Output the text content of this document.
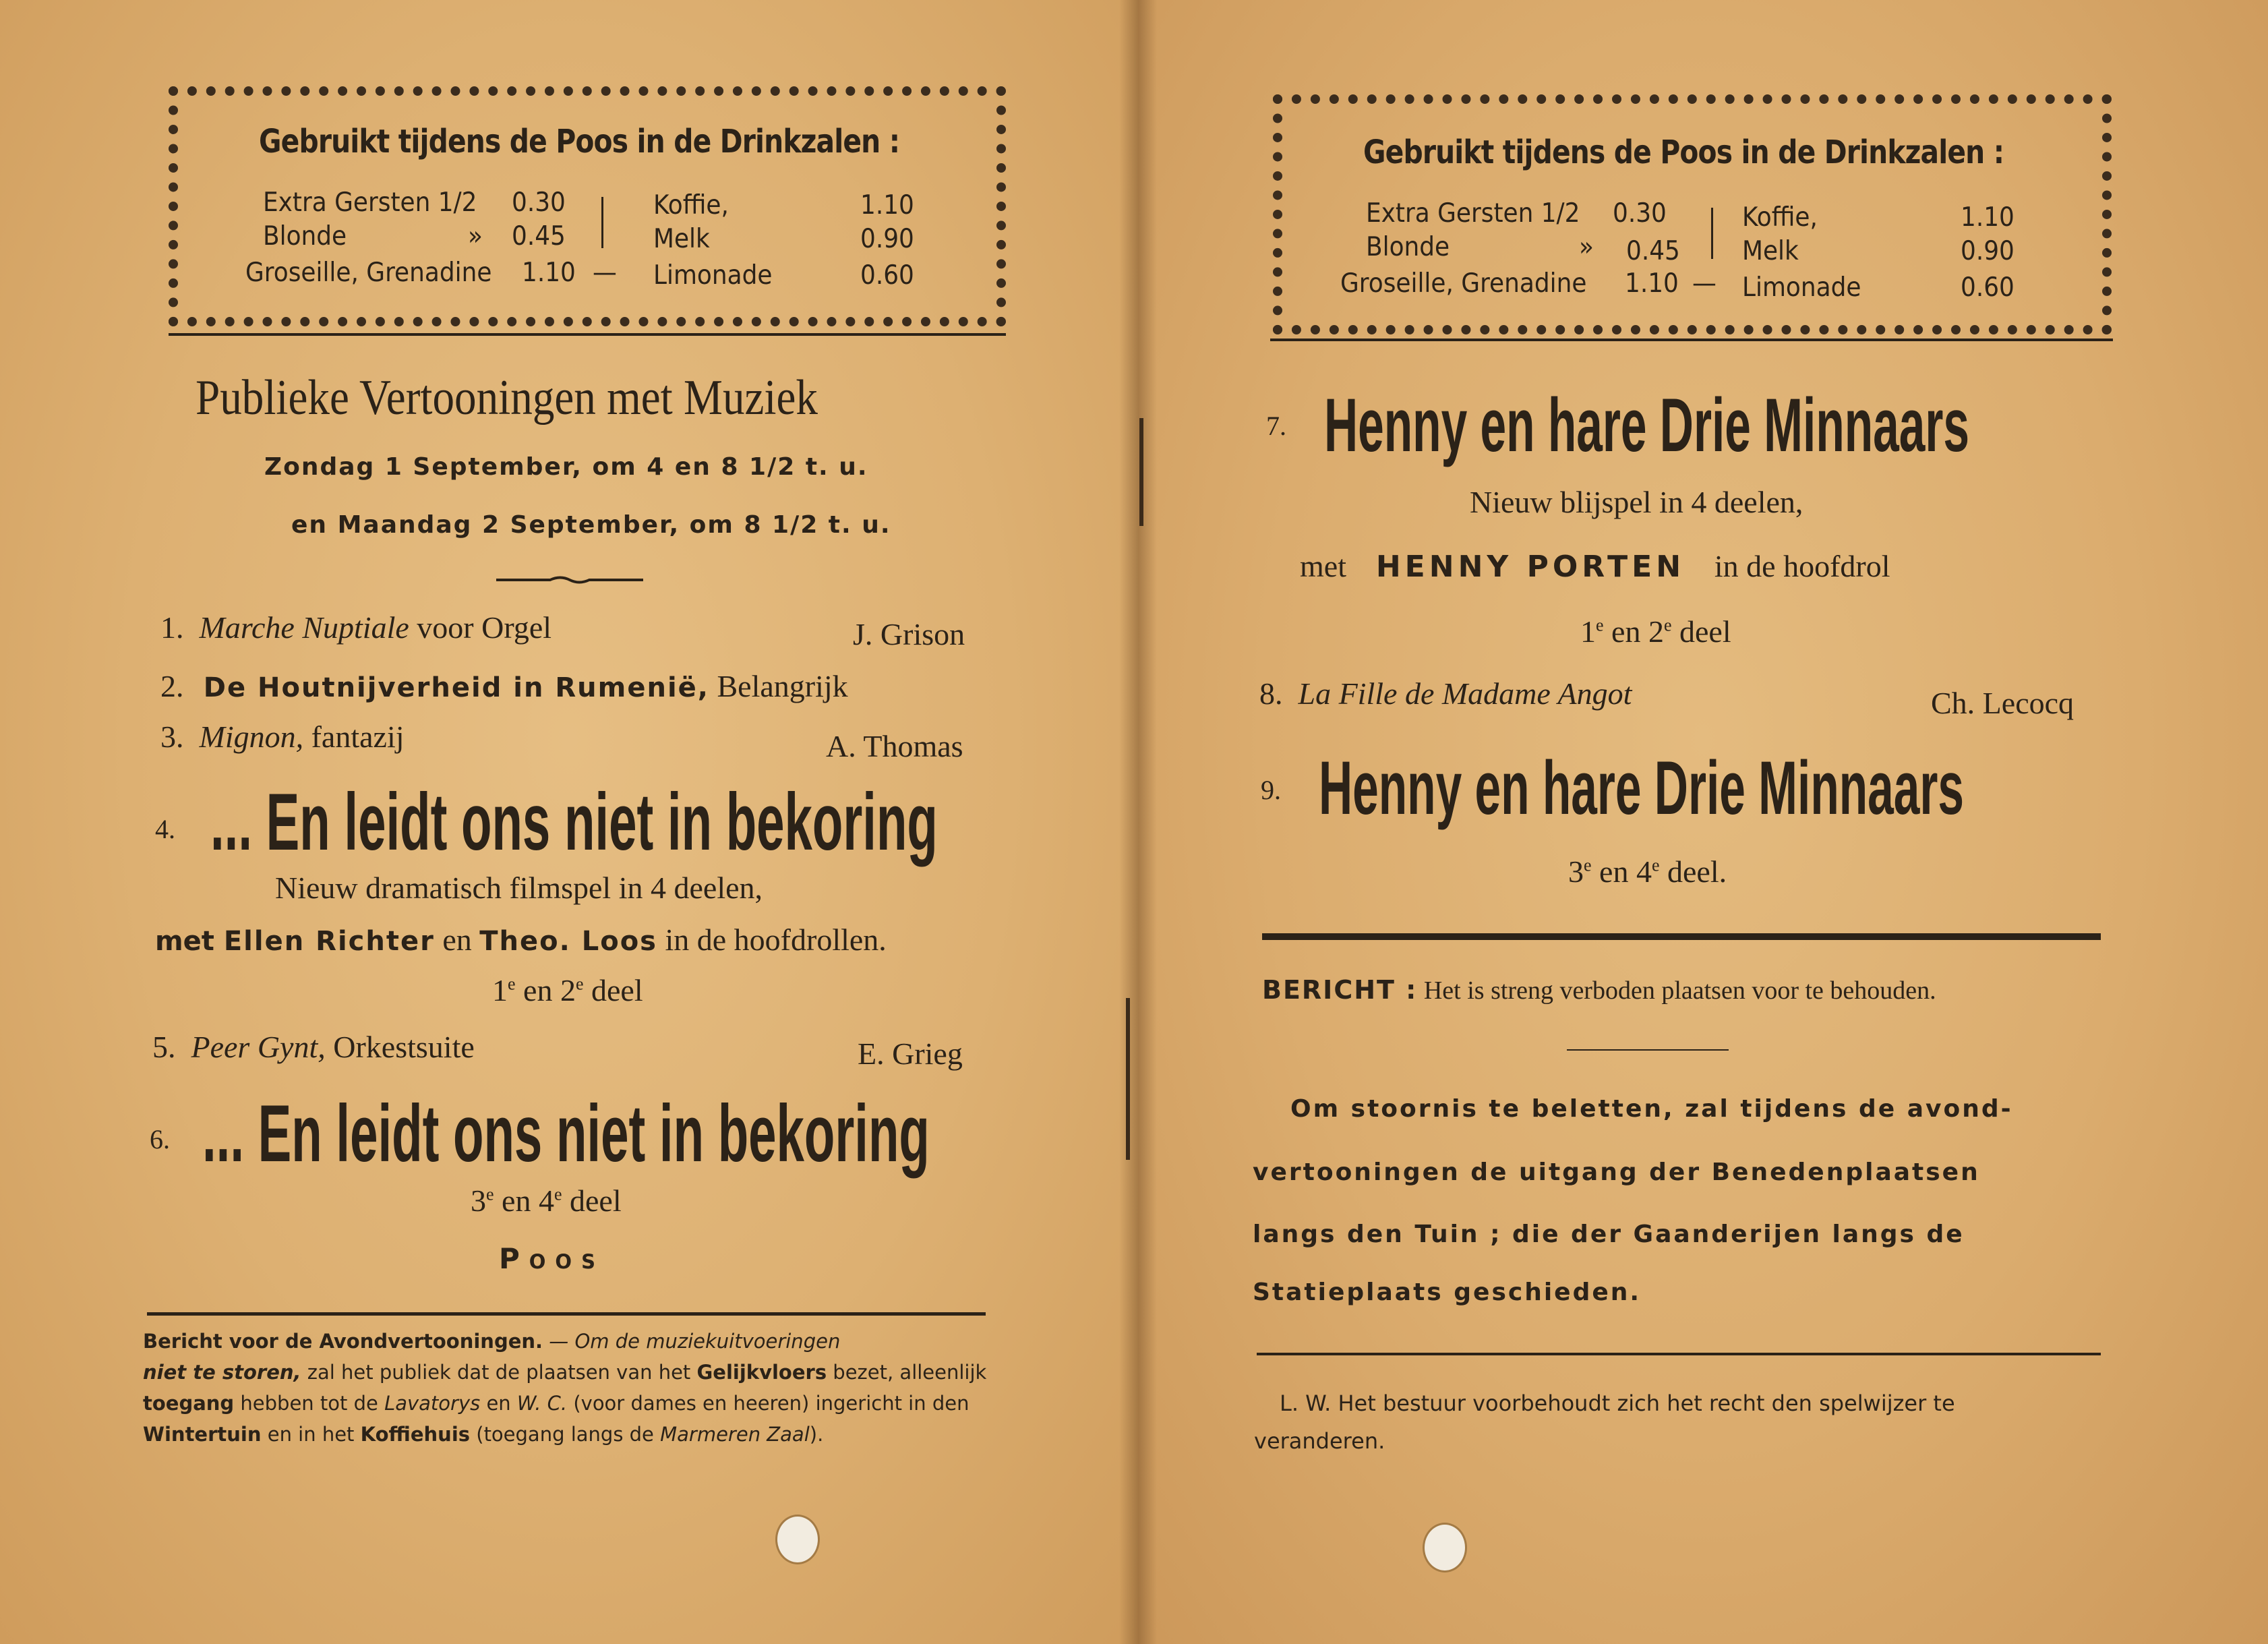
Gebruikt tijdens de Poos in de Drinkzalen :
Extra Gersten 1/2 0.30
Blonde	» 0.45
Groseille, Grenadine 1.10 —
Koffie,	1.10
Melk	0.90
Limonade	0.60
Publieke Vertooningen met Muziek
Zondag 1 September, om 4 en 8 1/2 t. u.
en Maandag 2 September, om 8 1/2 t. u.
1. Marche Nuptiale voor Orgel	J. Grison
2. De Houtnijverheid in Rumenië, Belangrijk
3. Mignon, fantazij	A. Thomas
4. ... En leidt ons niet in bekoring
Nieuw dramatisch filmspel in 4 deelen,
met Ellen Richter en Theo. Loos in de hoofdrollen.
1e en 2e deel
5. Peer Gynt, Orkestsuite	E. Grieg
6. ... En leidt ons niet in bekoring
3e en 4e deel
Poos
Bericht voor de Avondvertooningen. — Om de muziekuitvoeringen
niet te storen, zal het publiek dat de plaatsen van het Gelijkvloers bezet, alleenlijk
toegang hebben tot de Lavatorys en W. C. (voor dames en heeren) ingericht in den
Wintertuin en in het Koffiehuis (toegang langs de Marmeren Zaal).
Gebruikt tijdens de Poos in de Drinkzalen :
Extra Gersten 1/2 0.30
Blonde	» 0.45
Groseille, Grenadine 1.10 —
Koffie,	1.10
Melk	0.90
Limonade	0.60
7. Henny en hare Drie Minnaars
Nieuw blijspel in 4 deelen,
met HENNY PORTEN in de hoofdrol
1e en 2e deel
8. La Fille de Madame Angot	Ch. Lecocq
9. Henny en hare Drie Minnaars
3e en 4e deel.
BERICHT : Het is streng verboden plaatsen voor te behouden.
Om stoornis te beletten, zal tijdens de avond-
vertooningen de uitgang der Benedenplaatsen
langs den Tuin ; die der Gaanderijen langs de
Statieplaats geschieden.
L. W. Het bestuur voorbehoudt zich het recht den spelwijzer te
veranderen.
